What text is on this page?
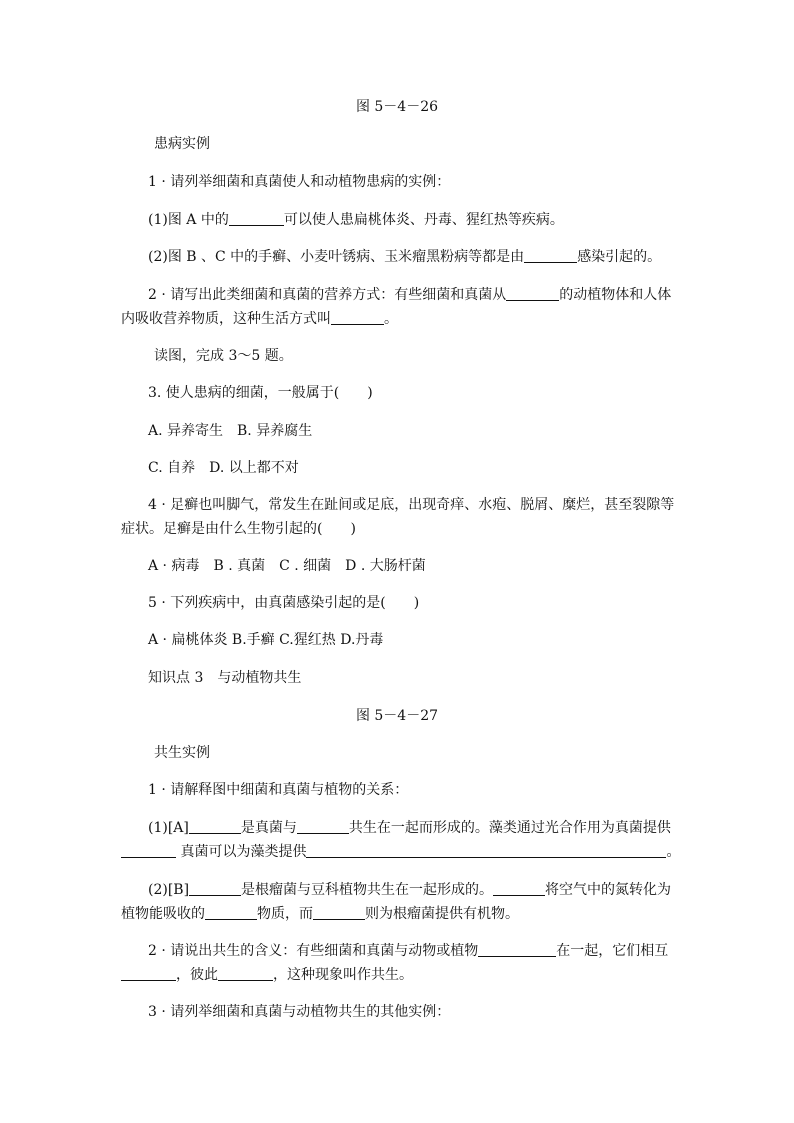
图 5－4－26
患病实例
1 · 请列举细菌和真菌使人和动植物患病的实例：
(1)图 A 中的	可以使人患扁桃体炎、丹毒、猩红热等疾病。
(2)图 B 、C 中的手癣、小麦叶锈病、玉米瘤黑粉病等都是由	感染引起的。
2 · 请写出此类细菌和真菌的营养方式：有些细菌和真菌从	的动植物体和人体
内吸收营养物质，这种生活方式叫	。
读图，完成 3～5 题。
3. 使人患病的细菌，一般属于(　　)
A. 异养寄生　B. 异养腐生
C. 自养　D. 以上都不对
4 · 足癣也叫脚气，常发生在趾间或足底，出现奇痒、水疱、脱屑、糜烂，甚至裂隙等
症状。足癣是由什么生物引起的(　　)
A · 病毒　B . 真菌　C . 细菌　D . 大肠杆菌
5 · 下列疾病中，由真菌感染引起的是(　　)
A · 扁桃体炎 B.手癣 C.猩红热 D.丹毒
知识点 3　与动植物共生
图 5－4－27
共生实例
1 · 请解释图中细菌和真菌与植物的关系：
(1)[A]	是真菌与	共生在一起而形成的。藻类通过光合作用为真菌提供
真菌可以为藻类提供	。
(2)[B]	是根瘤菌与豆科植物共生在一起形成的。	将空气中的氮转化为
植物能吸收的	物质，而	则为根瘤菌提供有机物。
2 · 请说出共生的含义：有些细菌和真菌与动物或植物	在一起，它们相互
，彼此	，这种现象叫作共生。
3 · 请列举细菌和真菌与动植物共生的其他实例：
